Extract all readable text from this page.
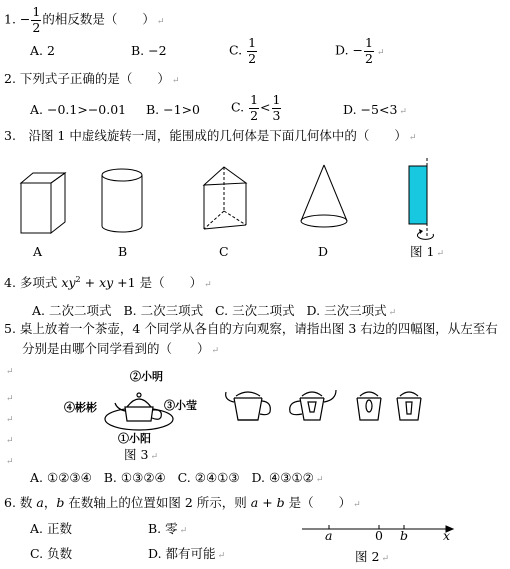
1. − $\frac{1}{2}$ 的相反数是（　　） ↵
A. 2	B. −2	C. $\frac{1}{2}$	D. − $\frac{1}{2}$ ↵
2. 下列式子正确的是（　　） ↵
A. −0.1>−0.01 B. −1>0 C. $\frac{1}{2} < \frac{1}{3}$	D. −5<3 ↵
3.　 沿图 1 中虚线旋转一周，能围成的几何体是下面几何体中的（　　） ↵
A	B	C	D	图 1 ↵
4. 多项式 $xy^2$ + xy +1 是（　　） ↵
A. 二次二项式 B. 二次三项式 C. 三次二项式 D. 三次三项式 ↵
5. 桌上放着一个茶壶，4 个同学从各自的方向观察，请指出图 3 右边的四幅图，从左至右
分别是由哪个同学看到的（　　） ↵
↵
↵
↵
↵
↵
②小明
④彬彬	③小莹
①小阳
图 3 ↵
A. ①②③④ B. ①③②④ C. ②④①③ D. ④③①② ↵
6. 数 a，b 在数轴上的位置如图 2 所示，则 a + b 是（　　） ↵
A. 正数	B. 零 ↵
C. 负数	D. 都有可能 ↵
a	0 b	x
图 2 ↵
